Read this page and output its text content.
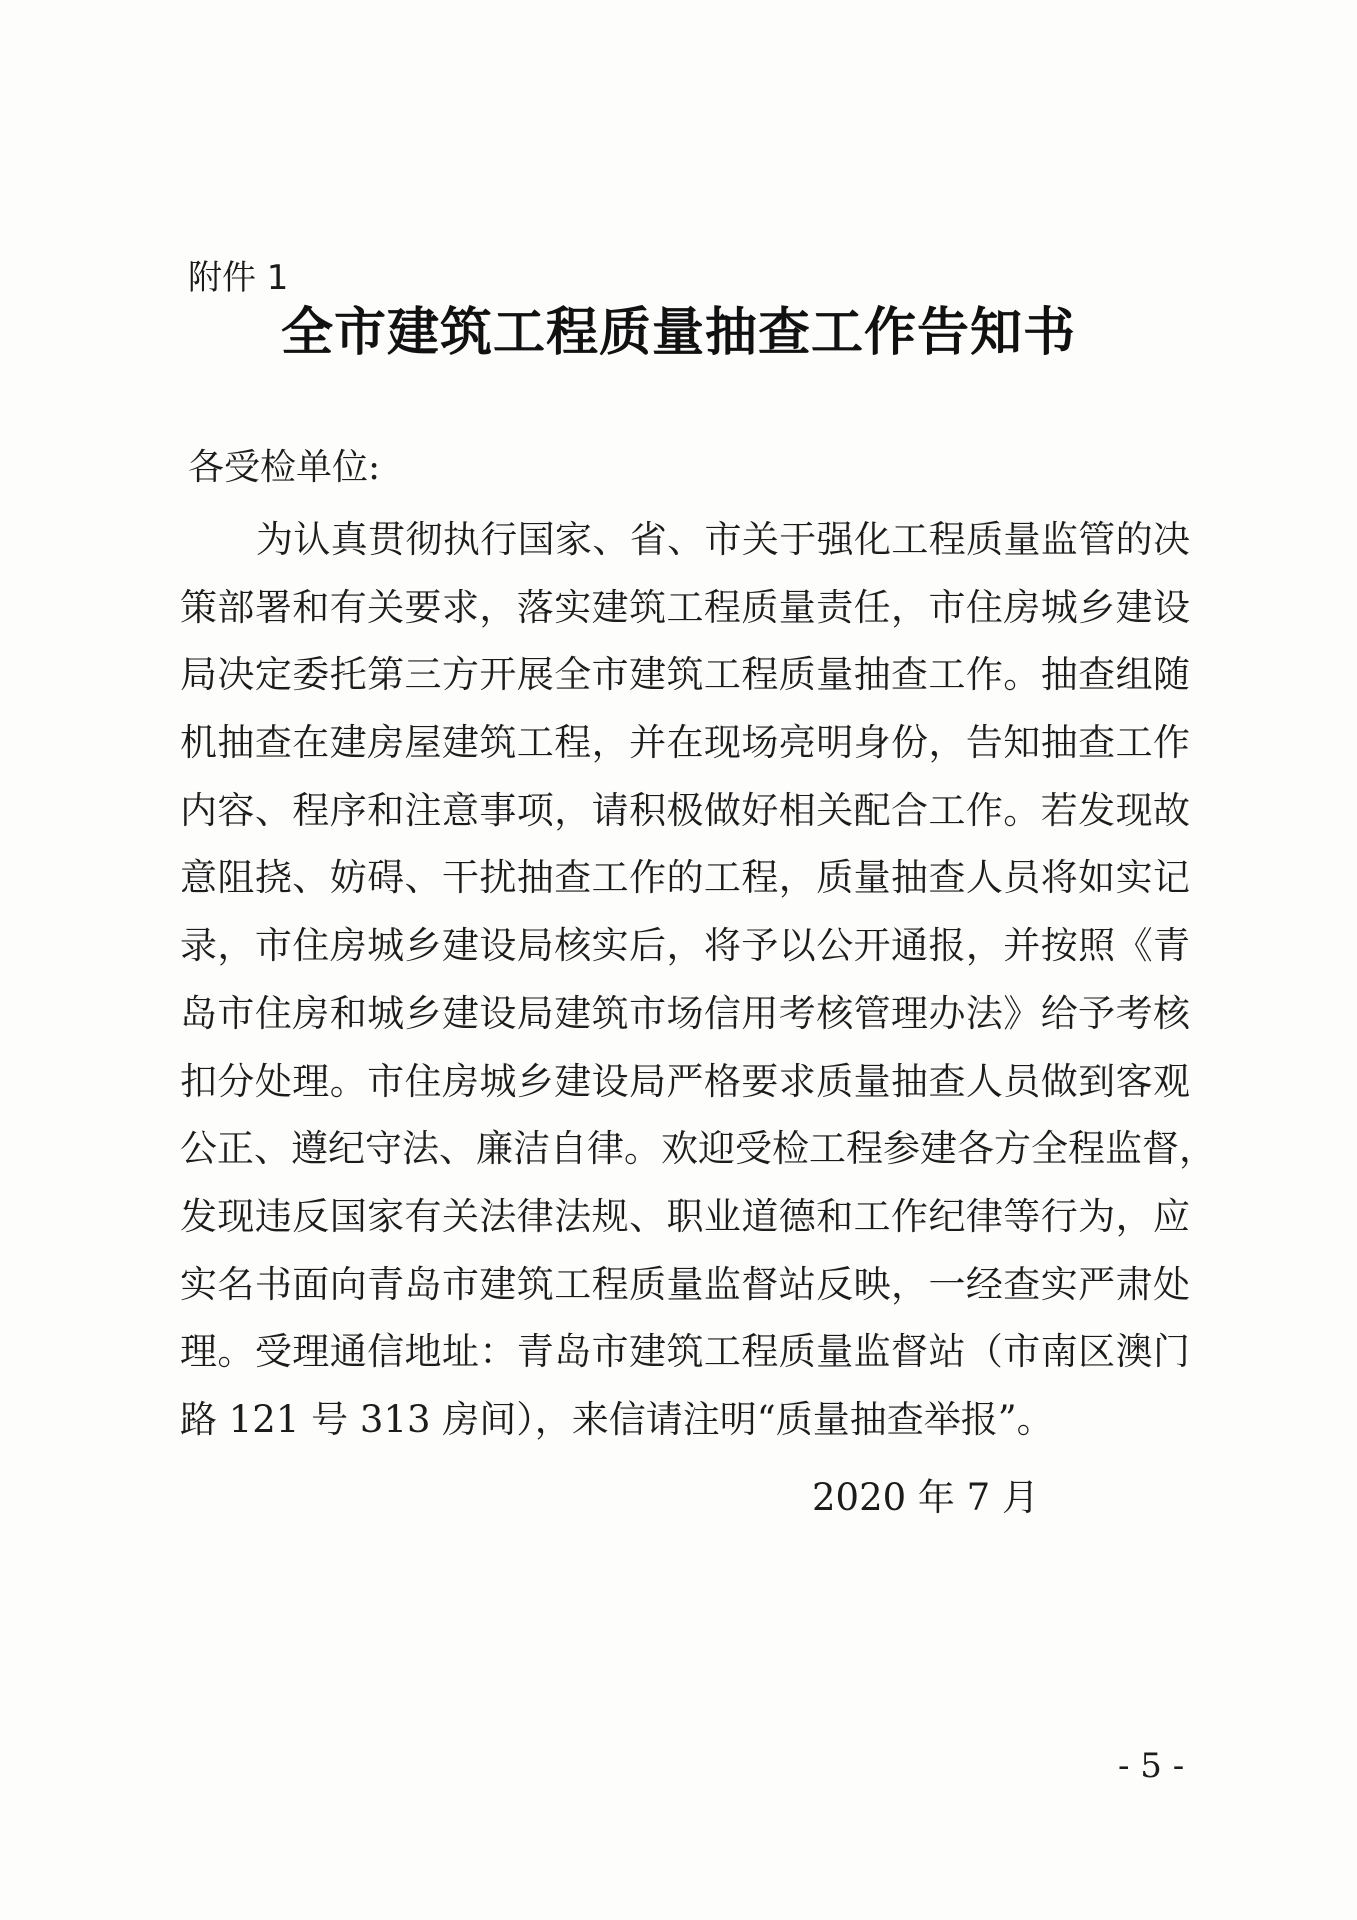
附件 1
全市建筑工程质量抽查工作告知书
各受检单位:
为认真贯彻执行国家、省、市关于强化工程质量监管的决
策部署和有关要求，落实建筑工程质量责任，市住房城乡建设
局决定委托第三方开展全市建筑工程质量抽查工作。抽查组随
机抽查在建房屋建筑工程，并在现场亮明身份，告知抽查工作
内容、程序和注意事项，请积极做好相关配合工作。若发现故
意阻挠、妨碍、干扰抽查工作的工程，质量抽查人员将如实记
录，市住房城乡建设局核实后，将予以公开通报，并按照《青
岛市住房和城乡建设局建筑市场信用考核管理办法》给予考核
扣分处理。市住房城乡建设局严格要求质量抽查人员做到客观
公正、遵纪守法、廉洁自律。欢迎受检工程参建各方全程监督，
发现违反国家有关法律法规、职业道德和工作纪律等行为，应
实名书面向青岛市建筑工程质量监督站反映，一经查实严肃处
理。受理通信地址：青岛市建筑工程质量监督站（市南区澳门
路 121 号 313 房间），来信请注明“质量抽查举报”。
2020 年 7 月
- 5 -
